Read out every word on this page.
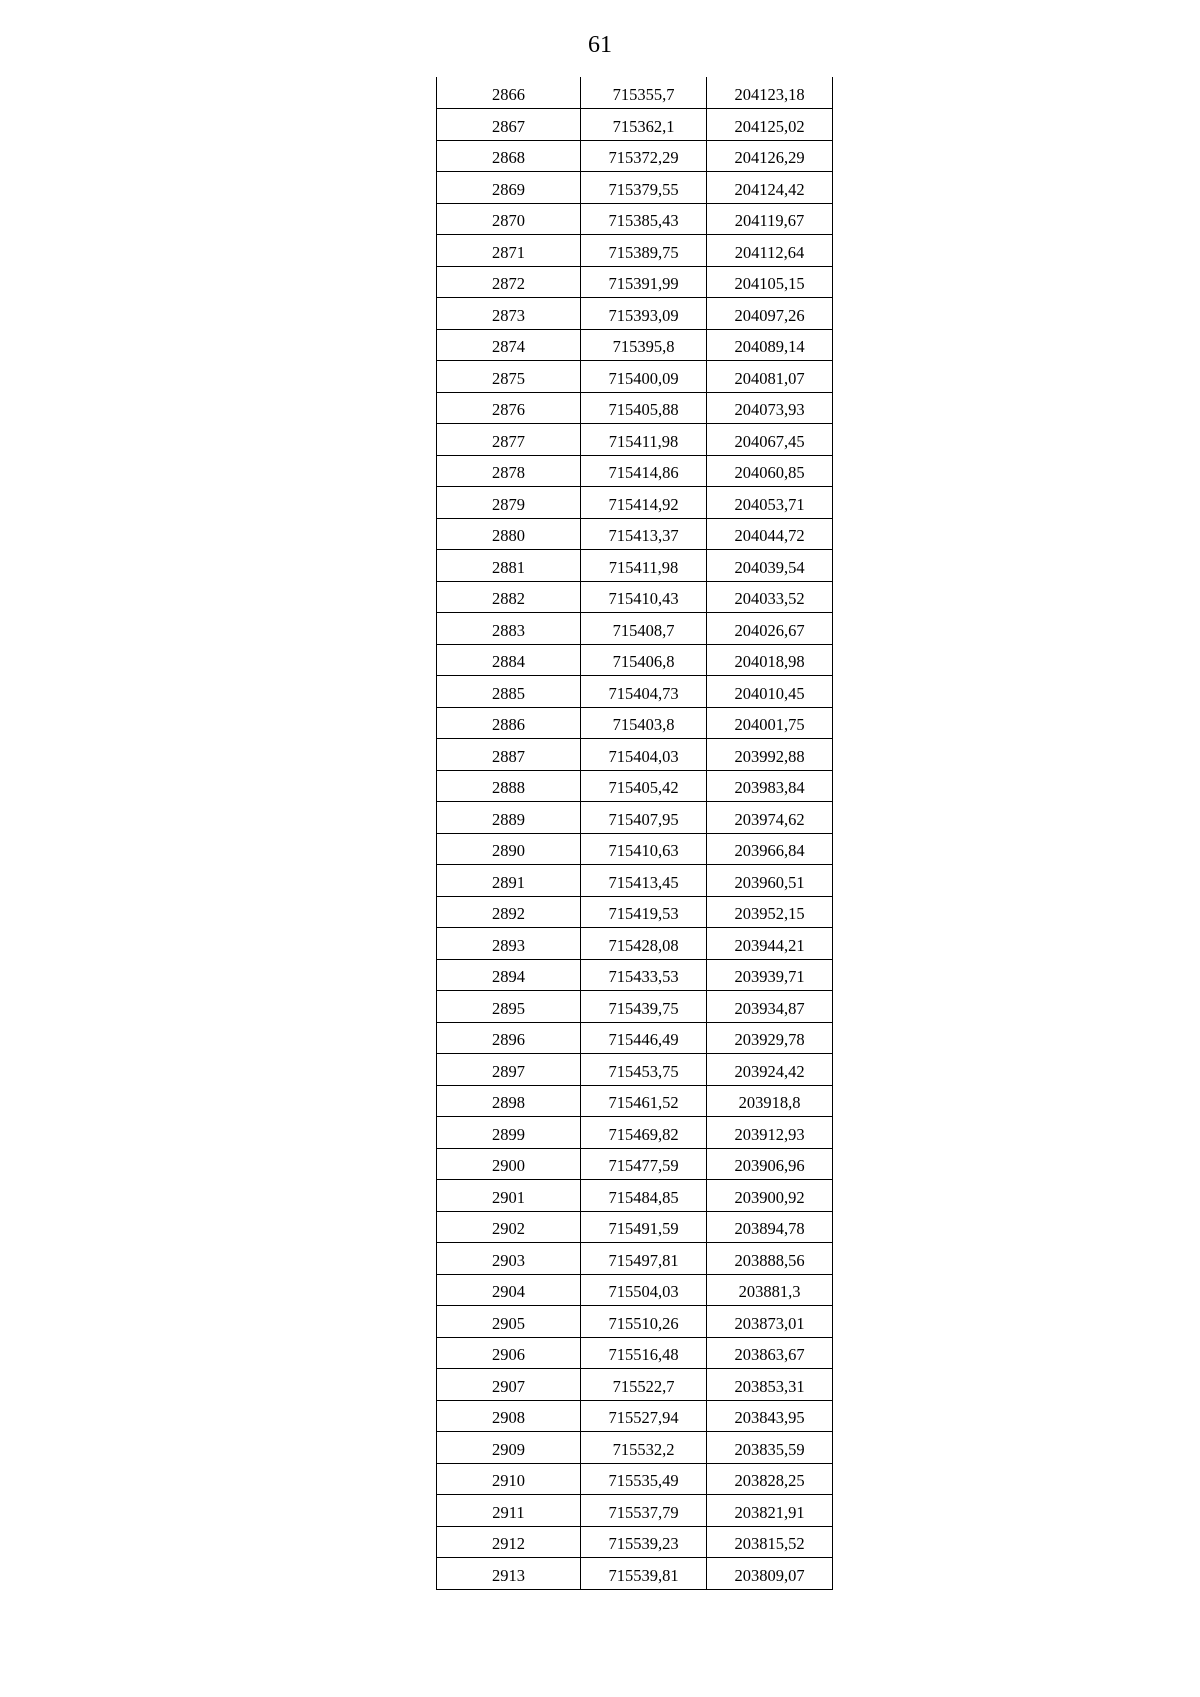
61
2866	715355,7	204123,18
2867	715362,1	204125,02
2868	715372,29	204126,29
2869	715379,55	204124,42
2870	715385,43	204119,67
2871	715389,75	204112,64
2872	715391,99	204105,15
2873	715393,09	204097,26
2874	715395,8	204089,14
2875	715400,09	204081,07
2876	715405,88	204073,93
2877	715411,98	204067,45
2878	715414,86	204060,85
2879	715414,92	204053,71
2880	715413,37	204044,72
2881	715411,98	204039,54
2882	715410,43	204033,52
2883	715408,7	204026,67
2884	715406,8	204018,98
2885	715404,73	204010,45
2886	715403,8	204001,75
2887	715404,03	203992,88
2888	715405,42	203983,84
2889	715407,95	203974,62
2890	715410,63	203966,84
2891	715413,45	203960,51
2892	715419,53	203952,15
2893	715428,08	203944,21
2894	715433,53	203939,71
2895	715439,75	203934,87
2896	715446,49	203929,78
2897	715453,75	203924,42
2898	715461,52	203918,8
2899	715469,82	203912,93
2900	715477,59	203906,96
2901	715484,85	203900,92
2902	715491,59	203894,78
2903	715497,81	203888,56
2904	715504,03	203881,3
2905	715510,26	203873,01
2906	715516,48	203863,67
2907	715522,7	203853,31
2908	715527,94	203843,95
2909	715532,2	203835,59
2910	715535,49	203828,25
2911	715537,79	203821,91
2912	715539,23	203815,52
2913	715539,81	203809,07
